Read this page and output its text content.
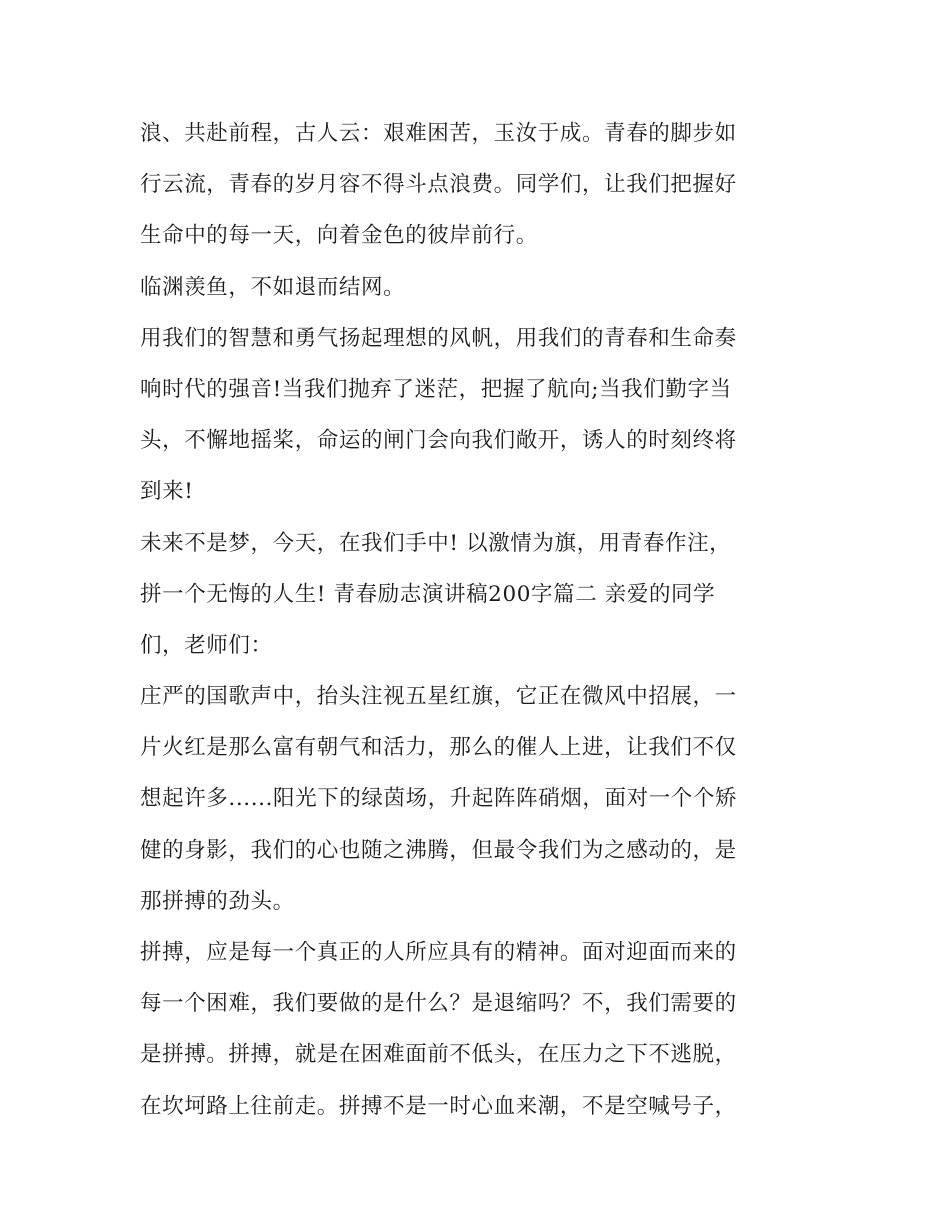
浪、共赴前程，古人云：艰难困苦，玉汝于成。青春的脚步如

行云流，青春的岁月容不得斗点浪费。同学们，让我们把握好

生命中的每一天，向着金色的彼岸前行。

临渊羡鱼，不如退而结网。

用我们的智慧和勇气扬起理想的风帆，用我们的青春和生命奏

响时代的强音!当我们抛弃了迷茫，把握了航向;当我们勤字当

头，不懈地摇桨，命运的闸门会向我们敞开，诱人的时刻终将

到来!

未来不是梦，今天，在我们手中! 以激情为旗，用青春作注，

拼一个无悔的人生! 青春励志演讲稿200字篇二 亲爱的同学

们，老师们：

庄严的国歌声中，抬头注视五星红旗，它正在微风中招展，一

片火红是那么富有朝气和活力，那么的催人上进，让我们不仅

想起许多......阳光下的绿茵场，升起阵阵硝烟，面对一个个矫

健的身影，我们的心也随之沸腾，但最令我们为之感动的，是

那拼搏的劲头。

拼搏，应是每一个真正的人所应具有的精神。面对迎面而来的

每一个困难，我们要做的是什么？是退缩吗？不，我们需要的

是拼搏。拼搏，就是在困难面前不低头，在压力之下不逃脱，

在坎坷路上往前走。拼搏不是一时心血来潮，不是空喊号子，
